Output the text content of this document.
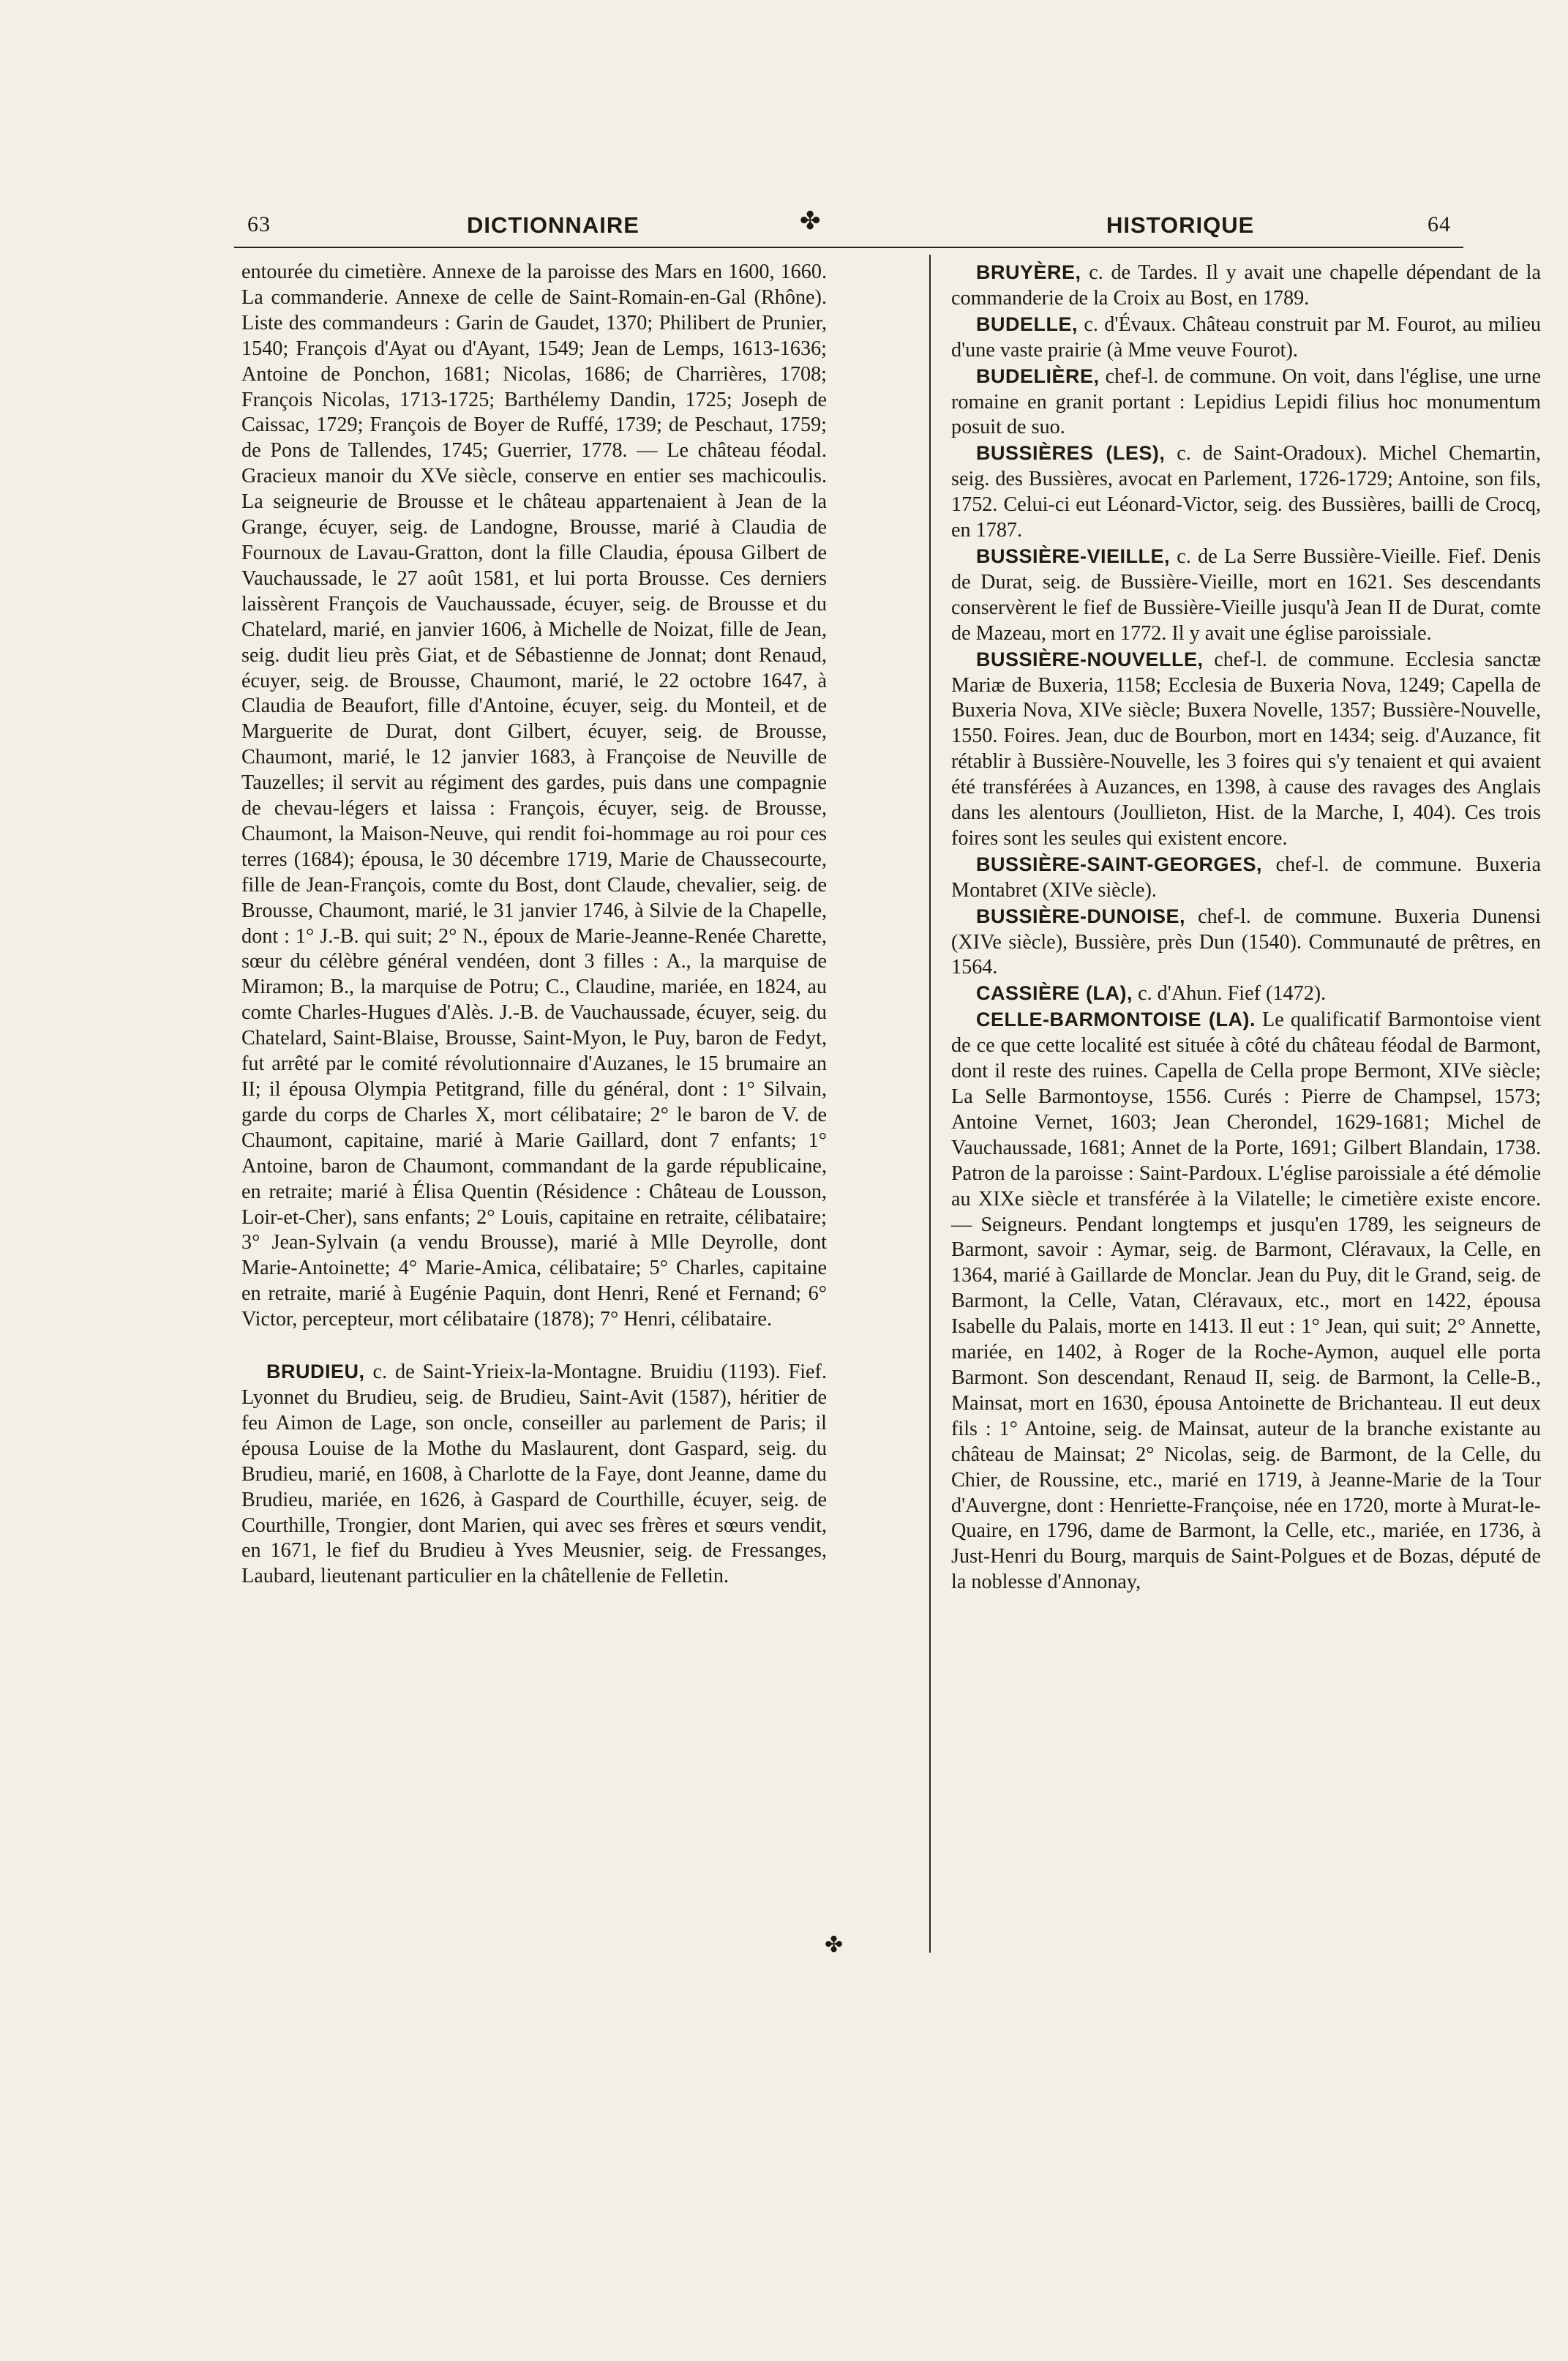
63	DICTIONNAIRE	✤	HISTORIQUE	64

entourée du cimetière. Annexe de la paroisse des Mars en 1600, 1660. La commanderie. Annexe de celle de Saint-Romain-en-Gal (Rhône). Liste des commandeurs : Garin de Gaudet, 1370; Philibert de Prunier, 1540; François d'Ayat ou d'Ayant, 1549; Jean de Lemps, 1613-1636; Antoine de Ponchon, 1681; Nicolas, 1686; de Charrières, 1708; François Nicolas, 1713-1725; Barthélemy Dandin, 1725; Joseph de Caissac, 1729; François de Boyer de Ruffé, 1739; de Peschaut, 1759; de Pons de Tallendes, 1745; Guerrier, 1778. — Le château féodal. Gracieux manoir du XVe siècle, conserve en entier ses machicoulis. La seigneurie de Brousse et le château appartenaient à Jean de la Grange, écuyer, seig. de Landogne, Brousse, marié à Claudia de Fournoux de Lavau-Gratton, dont la fille Claudia, épousa Gilbert de Vauchaussade, le 27 août 1581, et lui porta Brousse. Ces derniers laissèrent François de Vauchaussade, écuyer, seig. de Brousse et du Chatelard, marié, en janvier 1606, à Michelle de Noizat, fille de Jean, seig. dudit lieu près Giat, et de Sébastienne de Jonnat; dont Renaud, écuyer, seig. de Brousse, Chaumont, marié, le 22 octobre 1647, à Claudia de Beaufort, fille d'Antoine, écuyer, seig. du Monteil, et de Marguerite de Durat, dont Gilbert, écuyer, seig. de Brousse, Chaumont, marié, le 12 janvier 1683, à Françoise de Neuville de Tauzelles; il servit au régiment des gardes, puis dans une compagnie de chevau-légers et laissa : François, écuyer, seig. de Brousse, Chaumont, la Maison-Neuve, qui rendit foi-hommage au roi pour ces terres (1684); épousa, le 30 décembre 1719, Marie de Chaussecourte, fille de Jean-François, comte du Bost, dont Claude, chevalier, seig. de Brousse, Chaumont, marié, le 31 janvier 1746, à Silvie de la Chapelle, dont : 1° J.-B. qui suit; 2° N., époux de Marie-Jeanne-Renée Charette, sœur du célèbre général vendéen, dont 3 filles : A., la marquise de Miramon; B., la marquise de Potru; C., Claudine, mariée, en 1824, au comte Charles-Hugues d'Alès. J.-B. de Vauchaussade, écuyer, seig. du Chatelard, Saint-Blaise, Brousse, Saint-Myon, le Puy, baron de Fedyt, fut arrêté par le comité révolutionnaire d'Auzanes, le 15 brumaire an II; il épousa Olympia Petitgrand, fille du général, dont : 1° Silvain, garde du corps de Charles X, mort célibataire; 2° le baron de V. de Chaumont, capitaine, marié à Marie Gaillard, dont 7 enfants; 1° Antoine, baron de Chaumont, commandant de la garde républicaine, en retraite; marié à Élisa Quentin (Résidence : Château de Lousson, Loir-et-Cher), sans enfants; 2° Louis, capitaine en retraite, célibataire; 3° Jean-Sylvain (a vendu Brousse), marié à Mlle Deyrolle, dont Marie-Antoinette; 4° Marie-Amica, célibataire; 5° Charles, capitaine en retraite, marié à Eugénie Paquin, dont Henri, René et Fernand; 6° Victor, percepteur, mort célibataire (1878); 7° Henri, célibataire.

BRUDIEU, c. de Saint-Yrieix-la-Montagne. Bruidiu (1193). Fief. Lyonnet du Brudieu, seig. de Brudieu, Saint-Avit (1587), héritier de feu Aimon de Lage, son oncle, conseiller au parlement de Paris; il épousa Louise de la Mothe du Maslaurent, dont Gaspard, seig. du Brudieu, marié, en 1608, à Charlotte de la Faye, dont Jeanne, dame du Brudieu, mariée, en 1626, à Gaspard de Courthille, écuyer, seig. de Courthille, Trongier, dont Marien, qui avec ses frères et sœurs vendit, en 1671, le fief du Brudieu à Yves Meusnier, seig. de Fressanges, Laubard, lieutenant particulier en la châtellenie de Felletin.

BRUYÈRE, c. de Tardes. Il y avait une chapelle dépendant de la commanderie de la Croix au Bost, en 1789.

BUDELLE, c. d'Évaux. Château construit par M. Fourot, au milieu d'une vaste prairie (à Mme veuve Fourot).

BUDELIÈRE, chef-l. de commune. On voit, dans l'église, une urne romaine en granit portant : Lepidius Lepidi filius hoc monumentum posuit de suo.

BUSSIÈRES (LES), c. de Saint-Oradoux). Michel Chemartin, seig. des Bussières, avocat en Parlement, 1726-1729; Antoine, son fils, 1752. Celui-ci eut Léonard-Victor, seig. des Bussières, bailli de Crocq, en 1787.

BUSSIÈRE-VIEILLE, c. de La Serre Bussière-Vieille. Fief. Denis de Durat, seig. de Bussière-Vieille, mort en 1621. Ses descendants conservèrent le fief de Bussière-Vieille jusqu'à Jean II de Durat, comte de Mazeau, mort en 1772. Il y avait une église paroissiale.

BUSSIÈRE-NOUVELLE, chef-l. de commune. Ecclesia sanctæ Mariæ de Buxeria, 1158; Ecclesia de Buxeria Nova, 1249; Capella de Buxeria Nova, XIVe siècle; Buxera Novelle, 1357; Bussière-Nouvelle, 1550. Foires. Jean, duc de Bourbon, mort en 1434; seig. d'Auzance, fit rétablir à Bussière-Nouvelle, les 3 foires qui s'y tenaient et qui avaient été transférées à Auzances, en 1398, à cause des ravages des Anglais dans les alentours (Joullieton, Hist. de la Marche, I, 404). Ces trois foires sont les seules qui existent encore.

BUSSIÈRE-SAINT-GEORGES, chef-l. de commune. Buxeria Montabret (XIVe siècle).

BUSSIÈRE-DUNOISE, chef-l. de commune. Buxeria Dunensi (XIVe siècle), Bussière, près Dun (1540). Communauté de prêtres, en 1564.

CASSIÈRE (LA), c. d'Ahun. Fief (1472).

CELLE-BARMONTOISE (LA). Le qualificatif Barmontoise vient de ce que cette localité est située à côté du château féodal de Barmont, dont il reste des ruines. Capella de Cella prope Bermont, XIVe siècle; La Selle Barmontoyse, 1556. Curés : Pierre de Champsel, 1573; Antoine Vernet, 1603; Jean Cherondel, 1629-1681; Michel de Vauchaussade, 1681; Annet de la Porte, 1691; Gilbert Blandain, 1738. Patron de la paroisse : Saint-Pardoux. L'église paroissiale a été démolie au XIXe siècle et transférée à la Vilatelle; le cimetière existe encore. — Seigneurs. Pendant longtemps et jusqu'en 1789, les seigneurs de Barmont, savoir : Aymar, seig. de Barmont, Cléravaux, la Celle, en 1364, marié à Gaillarde de Monclar. Jean du Puy, dit le Grand, seig. de Barmont, la Celle, Vatan, Cléravaux, etc., mort en 1422, épousa Isabelle du Palais, morte en 1413. Il eut : 1° Jean, qui suit; 2° Annette, mariée, en 1402, à Roger de la Roche-Aymon, auquel elle porta Barmont. Son descendant, Renaud II, seig. de Barmont, la Celle-B., Mainsat, mort en 1630, épousa Antoinette de Brichanteau. Il eut deux fils : 1° Antoine, seig. de Mainsat, auteur de la branche existante au château de Mainsat; 2° Nicolas, seig. de Barmont, de la Celle, du Chier, de Roussine, etc., marié en 1719, à Jeanne-Marie de la Tour d'Auvergne, dont : Henriette-Françoise, née en 1720, morte à Murat-le-Quaire, en 1796, dame de Barmont, la Celle, etc., mariée, en 1736, à Just-Henri du Bourg, marquis de Saint-Polgues et de Bozas, député de la noblesse d'Annonay,

✤
